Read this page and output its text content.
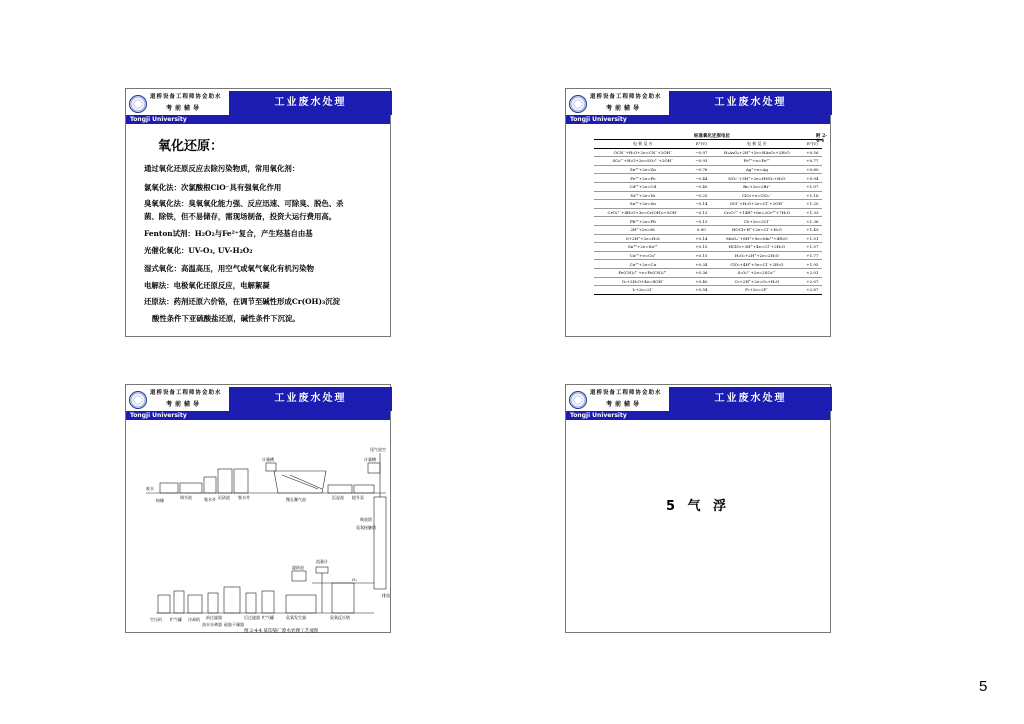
道桥设备工程师协会助水
考前辅导
工业废水处理
Tongji University
氧化还原：
通过氧化还原反应去除污染物质，常用氧化剂：
氯氧化法：次氯酸根ClO⁻具有强氧化作用
臭氧氧化法：臭氧氧化能力强、反应迅速、可除臭、脱色、杀
菌、除铁，但不易储存，需现场制备，投资大运行费用高。
Fenton试剂：H₂O₂与Fe²⁺复合，产生羟基自由基
光催化氧化：UV-O₃, UV-H₂O₂
湿式氧化：高温高压，用空气或氧气氧化有机污染物
电解法：电极氧化还原反应，电解絮凝
还原法：药剂还原六价铬，在调节至碱性形成Cr(OH)₃沉淀
酸性条件下亚硫酸盐还原，碱性条件下沉淀。
道桥设备工程师协会助水
考前辅导
工业废水处理
Tongji University
标准氧化还原电位	附 2-4-4
电 极 反 应	E°(V)	电 极 反 应	E°(V)
OCN⁻+H₂O+2e=CN⁻+2OH⁻	−0.97	H₃AsO₄+2H⁺+2e=HAsO₂+2H₂O	+0.56
SO₄²⁻+H₂O+2e=SO₃²⁻+2OH⁻	−0.93	Fe³⁺+e=Fe²⁺	+0.77
Zn²⁺+2e=Zn	−0.76	Ag⁺+e=Ag	+0.80
Fe²⁺+2e=Fe	−0.44	NO₃⁻+3H⁺+2e=HNO₂+H₂O	+0.94
Cd²⁺+2e=Cd	−0.40	Br₂+2e=2Br⁻	+1.07
Ni²⁺+2e=Ni	−0.25	ClO₂+e=ClO₂⁻	+1.16
Sn²⁺+2e=Sn	−0.14	OCl⁻+H₂O+2e=Cl⁻+2OH⁻	+1.20
CrO₄²⁻+4H₂O+3e=Cr(OH)₃+5OH⁻	−0.13	Cr₂O₇²⁻+14H⁺+6e=2Cr³⁺+7H₂O	+1.33
Pb²⁺+2e=Pb	−0.13	Cl₂+2e=2Cl⁻	+1.36
2H⁺+2e=H₂	0.00	HOCl+H⁺+2e=Cl⁻+H₂O	+1.49
S+2H⁺+2e=H₂S	+0.14	MnO₄⁻+8H⁺+5e=Mn²⁺+4H₂O	+1.51
Sn⁴⁺+2e=Sn²⁺	+0.15	HClO₂+3H⁺+4e=Cl⁻+2H₂O	+1.57
Cu²⁺+e=Cu⁺	+0.15	H₂O₂+2H⁺+2e=2H₂O	+1.77
Cu²⁺+2e=Cu	+0.34	ClO₂+4H⁺+5e=Cl⁻+2H₂O	+1.95
Fe(CN)₆³⁻+e=Fe(CN)₆⁴⁻	+0.36	S₂O₈²⁻+2e=2SO₄²⁻	+2.01
O₂+2H₂O+4e=4OH⁻	+0.40	O₃+2H⁺+2e=O₂+H₂O	+2.07
I₂+2e=2I⁻	+0.54	F₂+2e=2F⁻	+2.87
道桥设备工程师协会助水
考前辅导
工业废水处理
Tongji University
尾气放空
计量槽	计量槽
废水
格栅
调节池	集水井 沉砂池 集水井	微孔曝气池	沉淀池 提升泵
吸收塔
臭氧接触塔
流量计
滤砂池
O₂
排放
空压机 贮气罐 冷却机 前过滤器
硅胶干燥器
后过滤器 贮气罐	臭氧发生器	臭氧反应塔
油水分离器
图 2-4-4 某印染厂废水处理工艺流程
道桥设备工程师协会助水
考前辅导
工业废水处理
Tongji University
5 气 浮
5
